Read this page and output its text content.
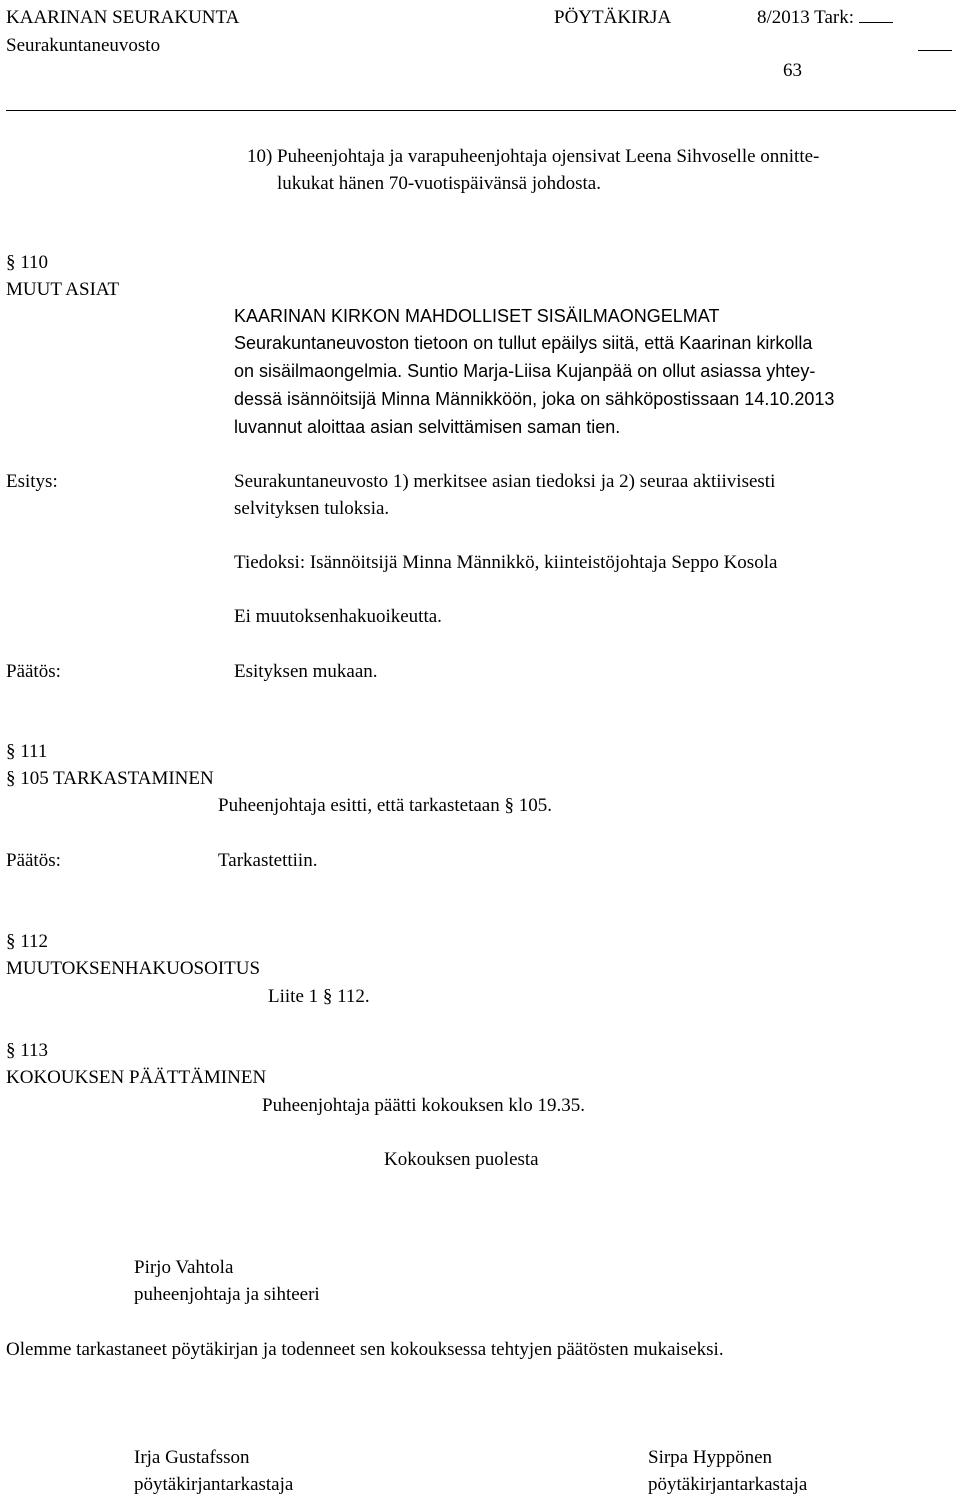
KAARINAN SEURAKUNTA	PÖYTÄKIRJA	8/2013 Tark:
Seurakuntaneuvosto
63
10) Puheenjohtaja ja varapuheenjohtaja ojensivat Leena Sihvoselle onnitte-
lukukat hänen 70-vuotispäivänsä johdosta.
§ 110
MUUT ASIAT
KAARINAN KIRKON MAHDOLLISET SISÄILMAONGELMAT
Seurakuntaneuvoston tietoon on tullut epäilys siitä, että Kaarinan kirkolla
on sisäilmaongelmia. Suntio Marja-Liisa Kujanpää on ollut asiassa yhtey-
dessä isännöitsijä Minna Männikköön, joka on sähköpostissaan 14.10.2013
luvannut aloittaa asian selvittämisen saman tien.
Esitys:	Seurakuntaneuvosto 1) merkitsee asian tiedoksi ja 2) seuraa aktiivisesti
selvityksen tuloksia.
Tiedoksi: Isännöitsijä Minna Männikkö, kiinteistöjohtaja Seppo Kosola
Ei muutoksenhakuoikeutta.
Päätös:	Esityksen mukaan.
§ 111
§ 105 TARKASTAMINEN
Puheenjohtaja esitti, että tarkastetaan § 105.
Päätös:	Tarkastettiin.
§ 112
MUUTOKSENHAKUOSOITUS
Liite 1 § 112.
§ 113
KOKOUKSEN PÄÄTTÄMINEN
Puheenjohtaja päätti kokouksen klo 19.35.
Kokouksen puolesta
Pirjo Vahtola
puheenjohtaja ja sihteeri
Olemme tarkastaneet pöytäkirjan ja todenneet sen kokouksessa tehtyjen päätösten mukaiseksi.
Irja Gustafsson
pöytäkirjantarkastaja
Sirpa Hyppönen
pöytäkirjantarkastaja
